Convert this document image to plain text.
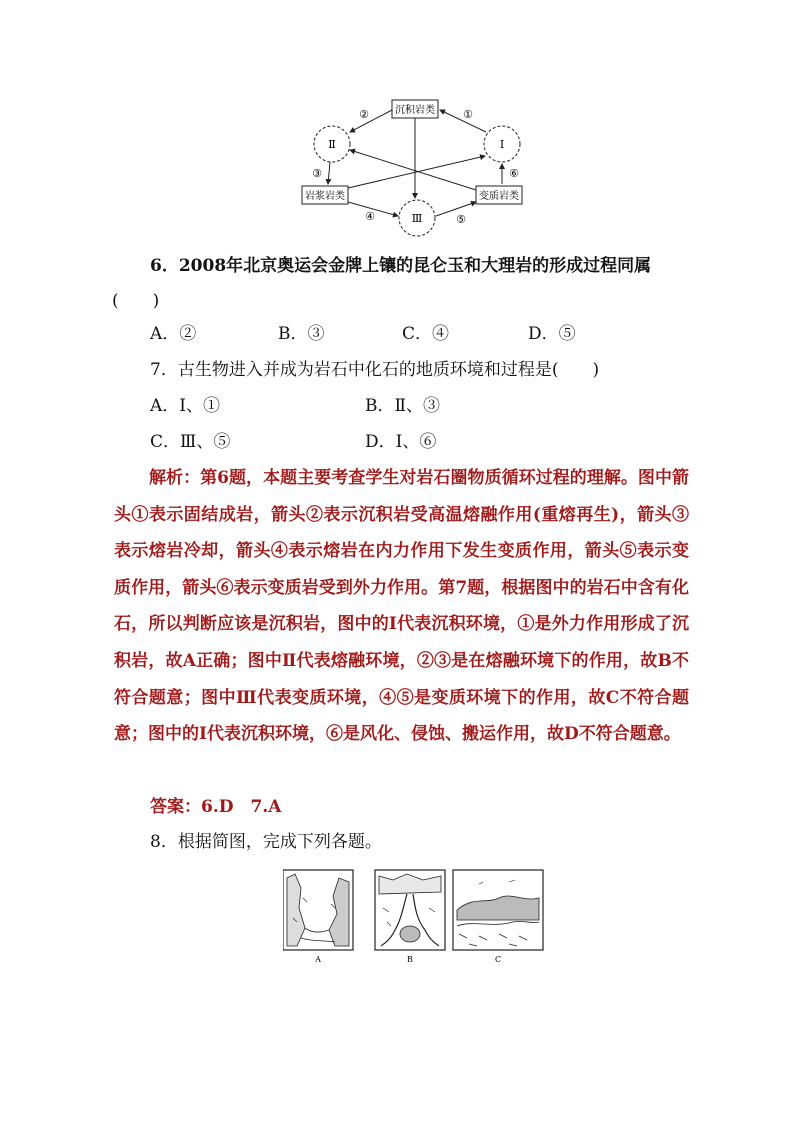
沉积岩类
岩浆岩类	变质岩类
Ⅱ	Ⅰ
Ⅲ
②	①
③	⑥
④	⑤
6．2008年北京奥运会金牌上镶的昆仑玉和大理岩的形成过程同属
(　　)
A．②	B．③	C．④	D．⑤
7．古生物进入并成为岩石中化石的地质环境和过程是(　　)
A．Ⅰ、①	B．Ⅱ、③
C．Ⅲ、⑤	D．Ⅰ、⑥
解析：第6题，本题主要考查学生对岩石圈物质循环过程的理解。图中箭头①表示固结成岩，箭头②表示沉积岩受高温熔融作用(重熔再生)，箭头③表示熔岩冷却，箭头④表示熔岩在内力作用下发生变质作用，箭头⑤表示变质作用，箭头⑥表示变质岩受到外力作用。第7题，根据图中的岩石中含有化石，所以判断应该是沉积岩，图中的Ⅰ代表沉积环境，①是外力作用形成了沉积岩，故A正确；图中Ⅱ代表熔融环境，②③是在熔融环境下的作用，故B不符合题意；图中Ⅲ代表变质环境，④⑤是变质环境下的作用，故C不符合题意；图中的Ⅰ代表沉积环境，⑥是风化、侵蚀、搬运作用，故D不符合题意。
答案：6.D　7.A
8．根据简图，完成下列各题。
A	B	C
